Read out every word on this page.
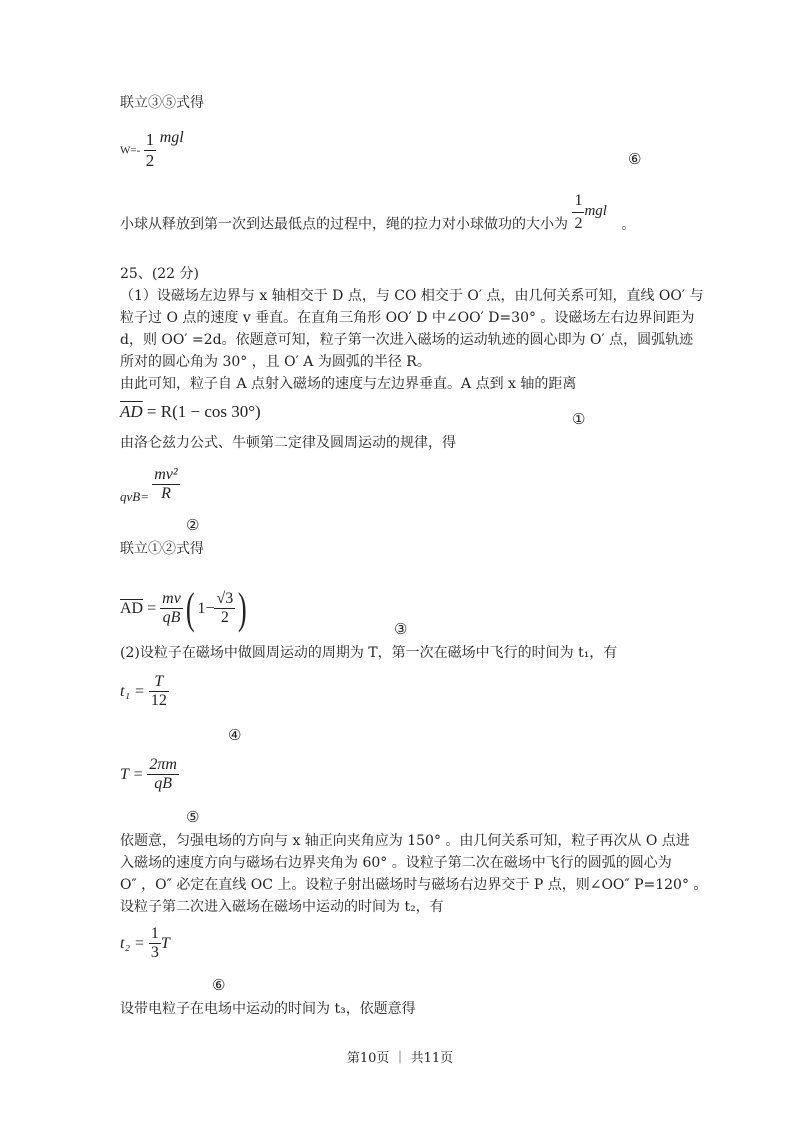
联立③⑤式得
$W=- \frac{1}{2}$ mgl
⑥
小球从释放到第一次到达最低点的过程中，绳的拉力对小球做功的大小为 $\frac{1}{2}$ mgl 。
25、(22 分)
（1）设磁场左边界与 x 轴相交于 D 点，与 CO 相交于 O′ 点，由几何关系可知，直线 OO′ 与
粒子过 O 点的速度 v 垂直。在直角三角形 OO′ D 中∠OO′ D=30° 。设磁场左右边界间距为
d，则 OO′ =2d。依题意可知，粒子第一次进入磁场的运动轨迹的圆心即为 O′ 点，圆弧轨迹
所对的圆心角为 30° ，且 O′ A 为圆弧的半径 R。
由此可知，粒子自 A 点射入磁场的速度与左边界垂直。A 点到 x 轴的距离
$\overline{AD} = R(1 - \cos 30^\circ)$	①
由洛仑兹力公式、牛顿第二定律及圆周运动的规律，得
$qvB= \frac{\text{mv²}}{R}$
②
联立①②式得
$\overline{AD} = \frac{mv}{qB}$ ( $1- \frac{√3}{2}$ )	③
(2)设粒子在磁场中做圆周运动的周期为 T，第一次在磁场中飞行的时间为 t₁，有
$t_1 = \frac{T}{12}$
④
$T = \frac{2\pi m}{qB}$
⑤
依题意，匀强电场的方向与 x 轴正向夹角应为 150° 。由几何关系可知，粒子再次从 O 点进
入磁场的速度方向与磁场右边界夹角为 60° 。设粒子第二次在磁场中飞行的圆弧的圆心为
O″ ，O″ 必定在直线 OC 上。设粒子射出磁场时与磁场右边界交于 P 点，则∠OO″ P=120° 。
设粒子第二次进入磁场在磁场中运动的时间为 t₂，有
$t_2 = \frac{1}{3}$ T
⑥
设带电粒子在电场中运动的时间为 t₃，依题意得
第10页 ｜ 共11页
